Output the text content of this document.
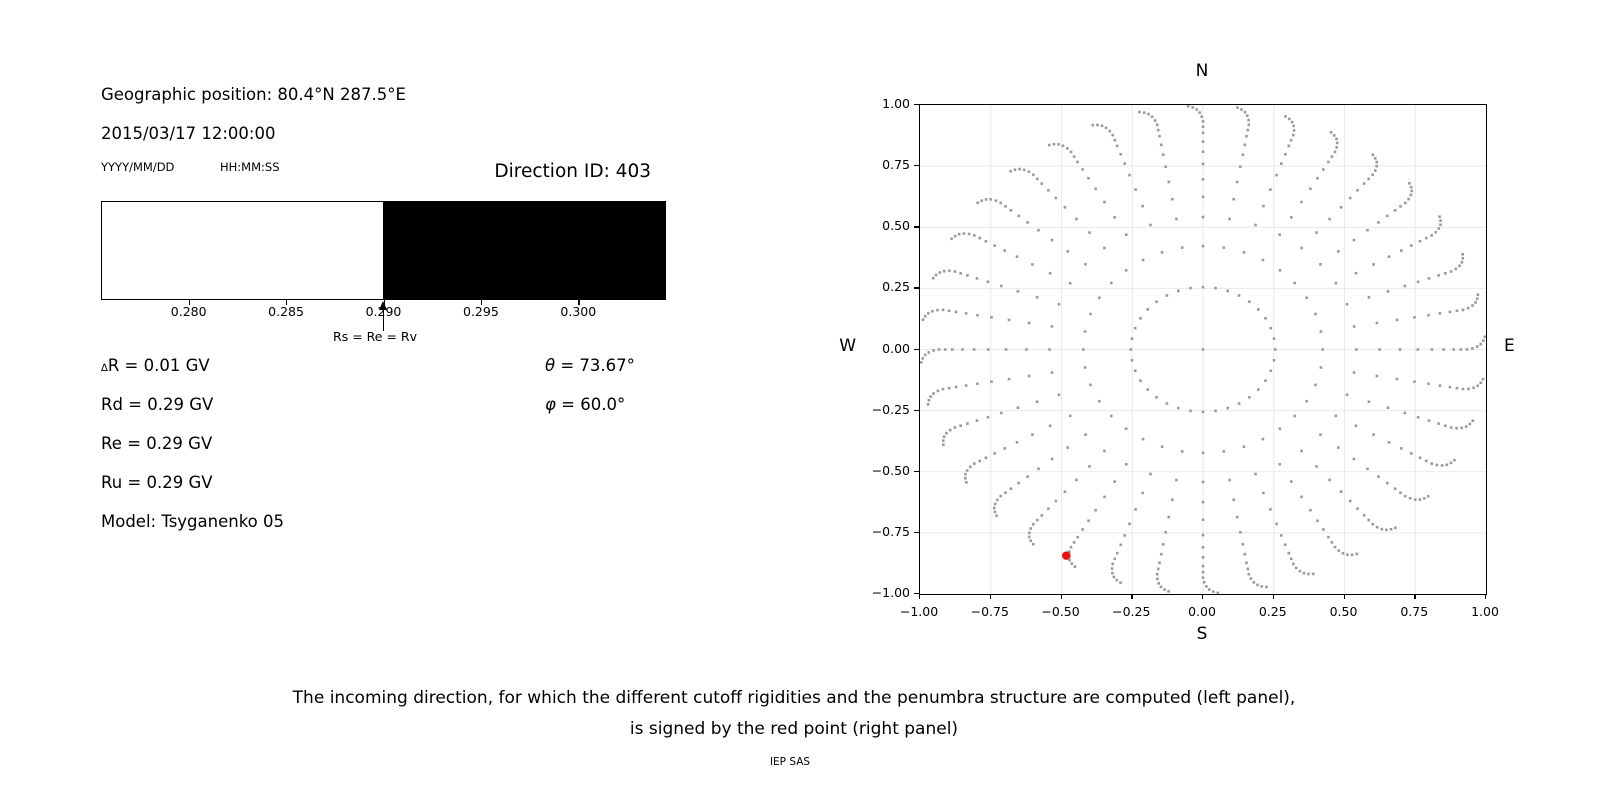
Geographic position: 80.4°N 287.5°E
2015/03/17 12:00:00
YYYY/MM/DD	HH:MM:SS	Direction ID: 403
Rs = Re = Rv
∆R = 0.01 GV
Rd = 0.29 GV
Re = 0.29 GV
Ru = 0.29 GV
Model: Tsyganenko 05
θ = 73.67°
φ = 60.0°
N
S
W	E
The incoming direction, for which the different cutoff rigidities and the penumbra structure are computed (left panel),
is signed by the red point (right panel)
IEP SAS
0.280	0.285	0.290	0.295	0.300
−1.00	−0.75	−0.50	−0.25	0.00	0.25	0.50	0.75	1.00
1.00
0.75
0.50
0.25
0.00
−0.25
−0.50
−0.75
−1.00
